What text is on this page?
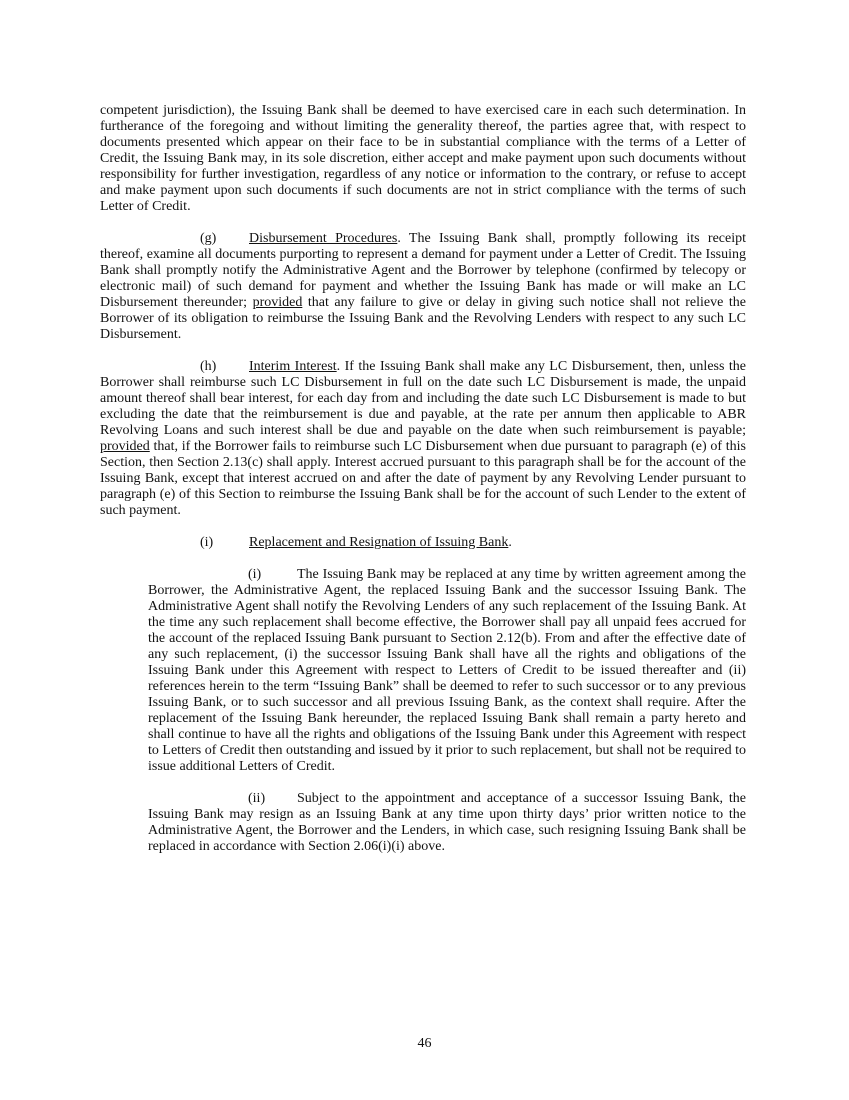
competent jurisdiction), the Issuing Bank shall be deemed to have exercised care in each such determination. In furtherance of the foregoing and without limiting the generality thereof, the parties agree that, with respect to documents presented which appear on their face to be in substantial compliance with the terms of a Letter of Credit, the Issuing Bank may, in its sole discretion, either accept and make payment upon such documents without responsibility for further investigation, regardless of any notice or information to the contrary, or refuse to accept and make payment upon such documents if such documents are not in strict compliance with the terms of such Letter of Credit.

(g) Disbursement Procedures. The Issuing Bank shall, promptly following its receipt thereof, examine all documents purporting to represent a demand for payment under a Letter of Credit. The Issuing Bank shall promptly notify the Administrative Agent and the Borrower by telephone (confirmed by telecopy or electronic mail) of such demand for payment and whether the Issuing Bank has made or will make an LC Disbursement thereunder; provided that any failure to give or delay in giving such notice shall not relieve the Borrower of its obligation to reimburse the Issuing Bank and the Revolving Lenders with respect to any such LC Disbursement.

(h) Interim Interest. If the Issuing Bank shall make any LC Disbursement, then, unless the Borrower shall reimburse such LC Disbursement in full on the date such LC Disbursement is made, the unpaid amount thereof shall bear interest, for each day from and including the date such LC Disbursement is made to but excluding the date that the reimbursement is due and payable, at the rate per annum then applicable to ABR Revolving Loans and such interest shall be due and payable on the date when such reimbursement is payable; provided that, if the Borrower fails to reimburse such LC Disbursement when due pursuant to paragraph (e) of this Section, then Section 2.13(c) shall apply. Interest accrued pursuant to this paragraph shall be for the account of the Issuing Bank, except that interest accrued on and after the date of payment by any Revolving Lender pursuant to paragraph (e) of this Section to reimburse the Issuing Bank shall be for the account of such Lender to the extent of such payment.

(i)	Replacement and Resignation of Issuing Bank.

(i)	The Issuing Bank may be replaced at any time by written agreement among the Borrower, the Administrative Agent, the replaced Issuing Bank and the successor Issuing Bank. The Administrative Agent shall notify the Revolving Lenders of any such replacement of the Issuing Bank. At the time any such replacement shall become effective, the Borrower shall pay all unpaid fees accrued for the account of the replaced Issuing Bank pursuant to Section 2.12(b). From and after the effective date of any such replacement, (i) the successor Issuing Bank shall have all the rights and obligations of the Issuing Bank under this Agreement with respect to Letters of Credit to be issued thereafter and (ii) references herein to the term “Issuing Bank” shall be deemed to refer to such successor or to any previous Issuing Bank, or to such successor and all previous Issuing Bank, as the context shall require. After the replacement of the Issuing Bank hereunder, the replaced Issuing Bank shall remain a party hereto and shall continue to have all the rights and obligations of the Issuing Bank under this Agreement with respect to Letters of Credit then outstanding and issued by it prior to such replacement, but shall not be required to issue additional Letters of Credit.

(ii) Subject to the appointment and acceptance of a successor Issuing Bank, the Issuing Bank may resign as an Issuing Bank at any time upon thirty days’ prior written notice to the Administrative Agent, the Borrower and the Lenders, in which case, such resigning Issuing Bank shall be replaced in accordance with Section 2.06(i)(i) above.

46
